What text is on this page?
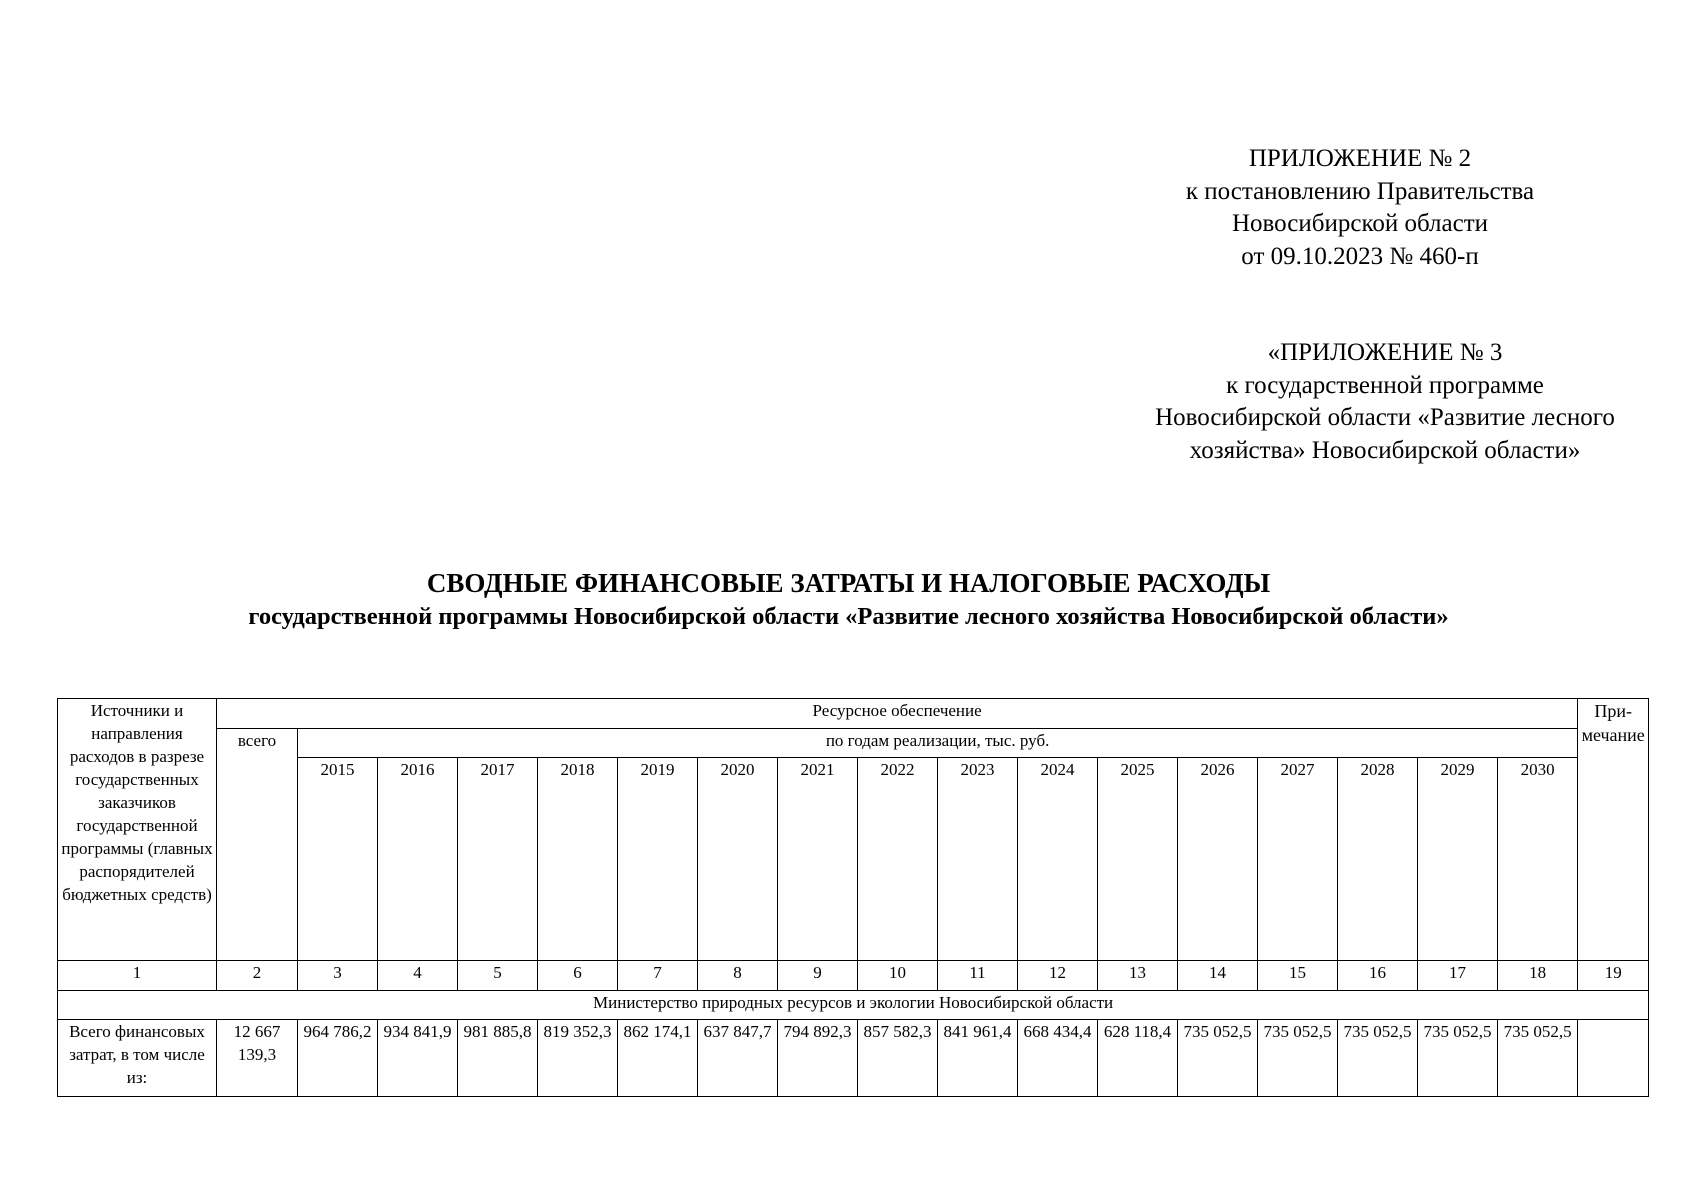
ПРИЛОЖЕНИЕ № 2
к постановлению Правительства
Новосибирской области
от 09.10.2023 № 460-п
«ПРИЛОЖЕНИЕ № 3
к государственной программе
Новосибирской области «Развитие лесного
хозяйства» Новосибирской области»
СВОДНЫЕ ФИНАНСОВЫЕ ЗАТРАТЫ И НАЛОГОВЫЕ РАСХОДЫ
государственной программы Новосибирской области «Развитие лесного хозяйства Новосибирской области»
Источники и направления расходов в разрезе государственных заказчиков государственной программы (главных распорядителей бюджетных средств)	Ресурсное обеспечение																	При-мечание
	всего	по годам реализации, тыс. руб.																
		2015	2016	2017	2018	2019	2020	2021	2022	2023	2024	2025	2026	2027	2028	2029	2030	
1	2	3	4	5	6	7	8	9	10	11	12	13	14	15	16	17	18	19
Министерство природных ресурсов и экологии Новосибирской области																		
Всего финансовых затрат, в том числе из:	12 667 139,3	964 786,2	934 841,9	981 885,8	819 352,3	862 174,1	637 847,7	794 892,3	857 582,3	841 961,4	668 434,4	628 118,4	735 052,5	735 052,5	735 052,5	735 052,5	735 052,5	
